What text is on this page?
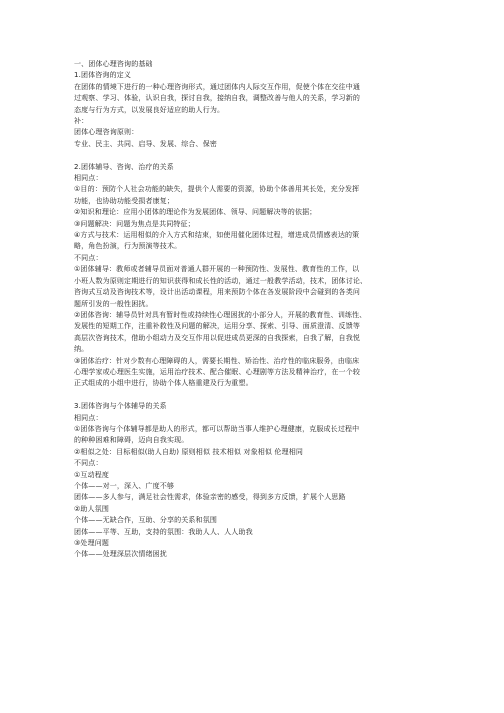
一、团体心理咨询的基础
1.团体咨询的定义
在团体的情境下进行的一种心理咨询形式，通过团体内人际交互作用，促使个体在交往中通
过观察、学习、体验，认识自我，探讨自我，接纳自我，调整改善与他人的关系，学习新的
态度与行为方式，以发展良好适应的助人行为。
补：
团体心理咨询原则：
专业、民主、共同、启导、发展、综合、保密
2.团体辅导、咨询、治疗的关系
相同点：
①目的：预防个人社会功能的缺失，提供个人需要的资源，协助个体善用其长处，充分发挥
功能，也协助功能受损者康复；
②知识和理论：应用小团体的理论作为发展团体、领导、问题解决等的依据；
③问题解决：问题为焦点是共同特征；
④方式与技术：运用相似的介入方式和结束，如使用催化团体过程，增进成员情感表达的策
略，角色扮演，行为预演等技术。
不同点：
①团体辅导：教师或者辅导员面对普通人群开展的一种预防性、发展性、教育性的工作，以
小班人数为原则定期进行的知识获得和成长性的活动，通过一般教学活动，技术，团体讨论、
咨询式互动及咨询技术等，设计出活动课程，用来预防个体在各发展阶段中会碰到的各类问
题所引发的一般性困扰。
②团体咨询：辅导员针对具有暂时性或持续性心理困扰的小部分人，开展的教育性、训练性、
发展性的短期工作，注重补救性及问题的解决，运用分享、探索、引导、面质澄清、反馈等
高层次咨询技术，借助小组动力及交互作用以促进成员更深的自我探索，自我了解，自我悦
纳。
③团体治疗：针对少数有心理障碍的人，需要长期性、矫治性、治疗性的临床服务，由临床
心理学家或心理医生实施，运用治疗技术、配合催眠、心理剧等方法及精神治疗，在一个较
正式组成的小组中进行，协助个体人格重建及行为重塑。
3.团体咨询与个体辅导的关系
相同点：
①团体咨询与个体辅导都是助人的形式，都可以帮助当事人维护心理健康，克服成长过程中
的种种困难和障碍，迈向自我实现。
②相似之处：目标相似(助人自助) 原则相似 技术相似 对象相似 伦理相同
不同点：
①互动程度
个体——对一，深入、广度不够
团体——多人参与，满足社会性需求，体验亲密的感受，得到多方反馈，扩展个人思路
②助人氛围
个体——无缺合作，互助、分享的关系和氛围
团体——平等、互助，支持的氛围：我助人人、人人助我
③处理问题
个体——处理深层次情绪困扰
